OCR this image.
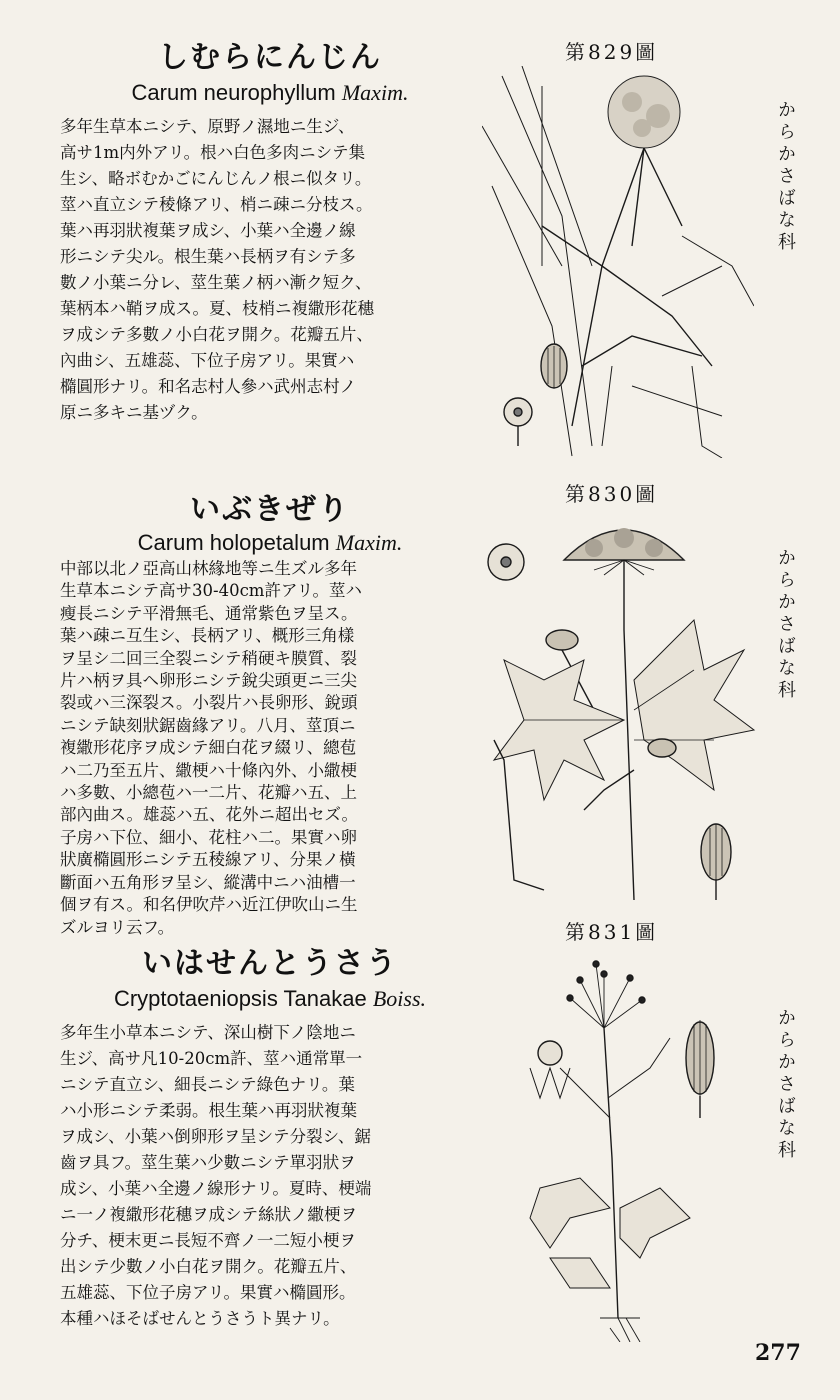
しむらにんじん

Carum neurophyllum Maxim.

多年生草本ニシテ、原野ノ濕地ニ生ジ、
高サ1m内外アリ。根ハ白色多肉ニシテ集
生シ、略ボむかごにんじんノ根ニ似タリ。
莖ハ直立シテ稜條アリ、梢ニ疎ニ分枝ス。
葉ハ再羽狀複葉ヲ成シ、小葉ハ全邊ノ線
形ニシテ尖ル。根生葉ハ長柄ヲ有シテ多
數ノ小葉ニ分レ、莖生葉ノ柄ハ漸ク短ク、
葉柄本ハ鞘ヲ成ス。夏、枝梢ニ複繖形花穗
ヲ成シテ多數ノ小白花ヲ開ク。花瓣五片、
內曲シ、五雄蕊、下位子房アリ。果實ハ
橢圓形ナリ。和名志村人參ハ武州志村ノ
原ニ多キニ基ヅク。

いぶきぜり

Carum holopetalum Maxim.

中部以北ノ亞高山林緣地等ニ生ズル多年
生草本ニシテ高サ30-40cm許アリ。莖ハ
瘦長ニシテ平滑無毛、通常紫色ヲ呈ス。
葉ハ疎ニ互生シ、長柄アリ、概形三角樣
ヲ呈シ二回三全裂ニシテ稍硬キ膜質、裂
片ハ柄ヲ具ヘ卵形ニシテ銳尖頭更ニ三尖
裂或ハ三深裂ス。小裂片ハ長卵形、銳頭
ニシテ缺刻狀鋸齒緣アリ。八月、莖頂ニ
複繖形花序ヲ成シテ細白花ヲ綴リ、總苞
ハ二乃至五片、繖梗ハ十條內外、小繖梗
ハ多數、小總苞ハ一二片、花瓣ハ五、上
部內曲ス。雄蕊ハ五、花外ニ超出セズ。
子房ハ下位、細小、花柱ハ二。果實ハ卵
狀廣橢圓形ニシテ五稜線アリ、分果ノ橫
斷面ハ五角形ヲ呈シ、縱溝中ニハ油槽一
個ヲ有ス。和名伊吹芹ハ近江伊吹山ニ生
ズルヨリ云フ。

いはせんとうさう

Cryptotaeniopsis Tanakae Boiss.

多年生小草本ニシテ、深山樹下ノ陰地ニ
生ジ、高サ凡10-20cm許、莖ハ通常單一
ニシテ直立シ、細長ニシテ綠色ナリ。葉
ハ小形ニシテ柔弱。根生葉ハ再羽狀複葉
ヲ成シ、小葉ハ倒卵形ヲ呈シテ分裂シ、鋸
齒ヲ具フ。莖生葉ハ少數ニシテ單羽狀ヲ
成シ、小葉ハ全邊ノ線形ナリ。夏時、梗端
ニ一ノ複繖形花穗ヲ成シテ絲狀ノ繖梗ヲ
分チ、梗末更ニ長短不齊ノ一二短小梗ヲ
出シテ少數ノ小白花ヲ開ク。花瓣五片、
五雄蕊、下位子房アリ。果實ハ橢圓形。
本種ハほそばせんとうさうト異ナリ。

第829圖
第830圖
第831圖
からかさばな科
からかさばな科
からかさばな科
277
